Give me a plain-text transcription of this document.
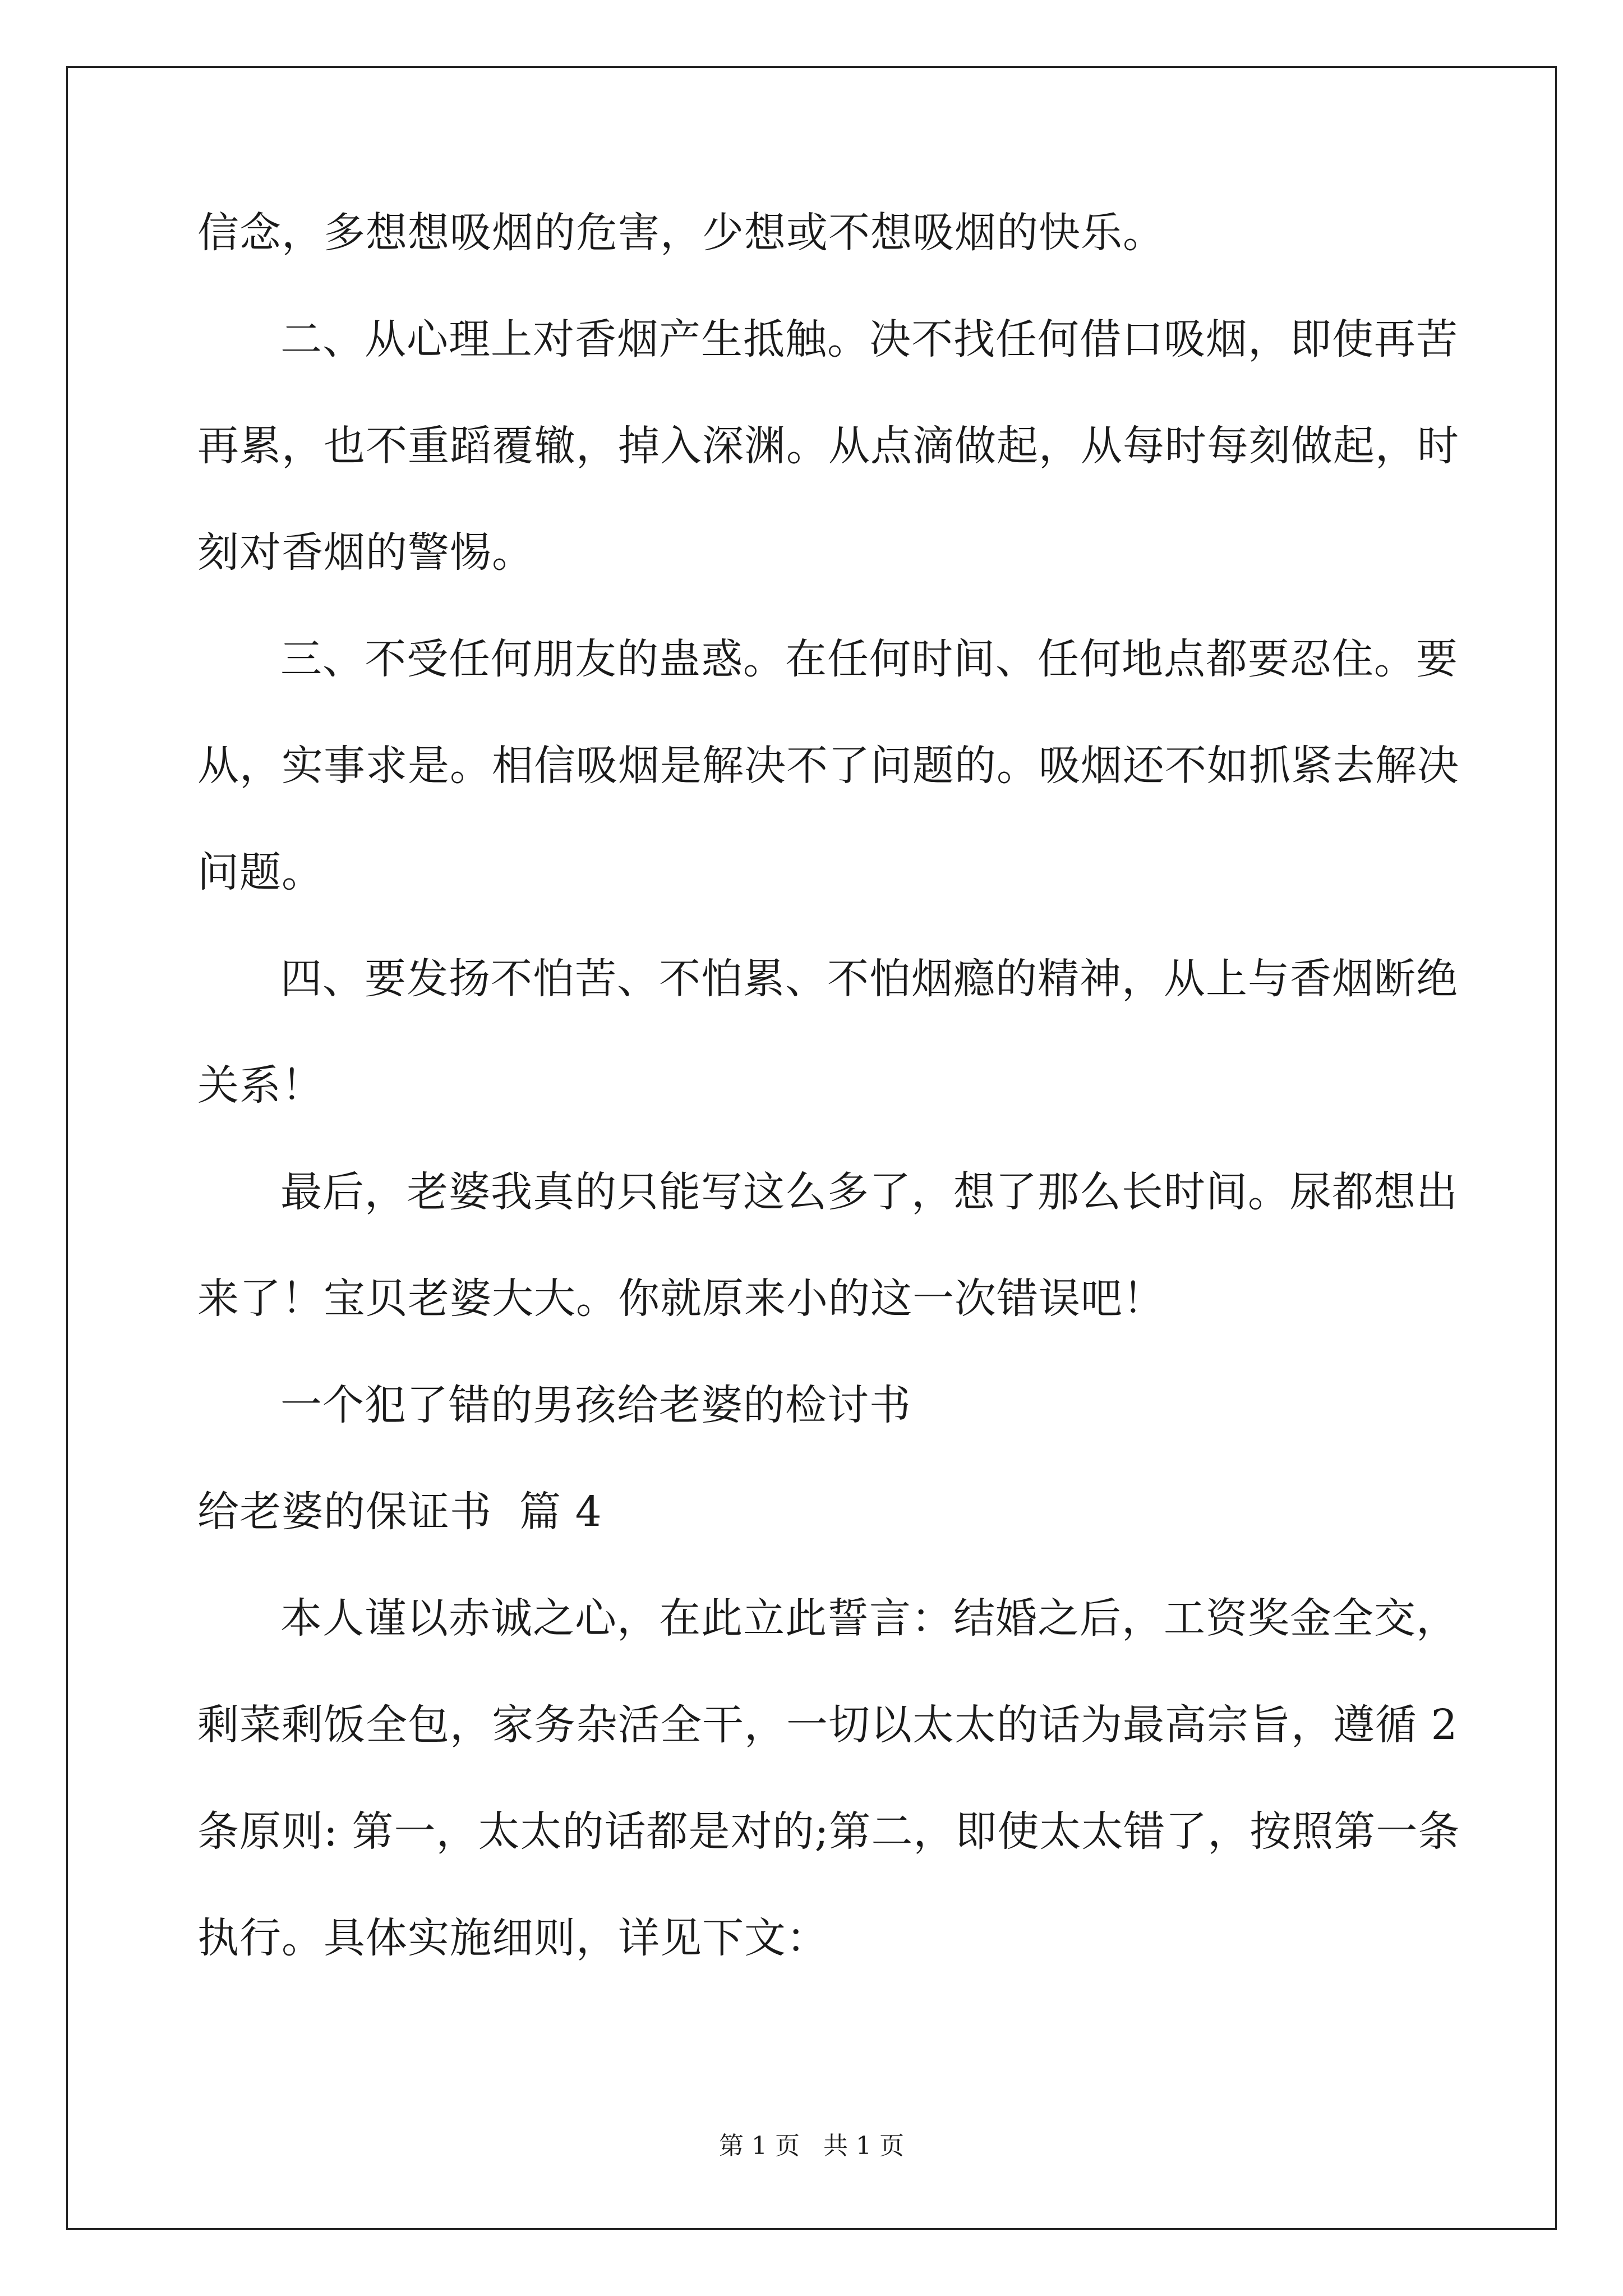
信念，多想想吸烟的危害，少想或不想吸烟的快乐。
二、从心理上对香烟产生抵触。决不找任何借口吸烟，即使再苦
再累，也不重蹈覆辙，掉入深渊。从点滴做起，从每时每刻做起，时
刻对香烟的警惕。
三、不受任何朋友的蛊惑。在任何时间、任何地点都要忍住。要
从，实事求是。相信吸烟是解决不了问题的。吸烟还不如抓紧去解决
问题。
四、要发扬不怕苦、不怕累、不怕烟瘾的精神，从上与香烟断绝
关系！
最后，老婆我真的只能写这么多了，想了那么长时间。尿都想出
来了！宝贝老婆大大。你就原来小的这一次错误吧！
一个犯了错的男孩给老婆的检讨书
给老婆的保证书  篇 4
本人谨以赤诚之心，在此立此誓言：结婚之后，工资奖金全交，
剩菜剩饭全包，家务杂活全干，一切以太太的话为最高宗旨，遵循 2
条原则: 第一，太太的话都是对的;第二，即使太太错了，按照第一条
执行。具体实施细则，详见下文：
第 1 页   共 1 页
